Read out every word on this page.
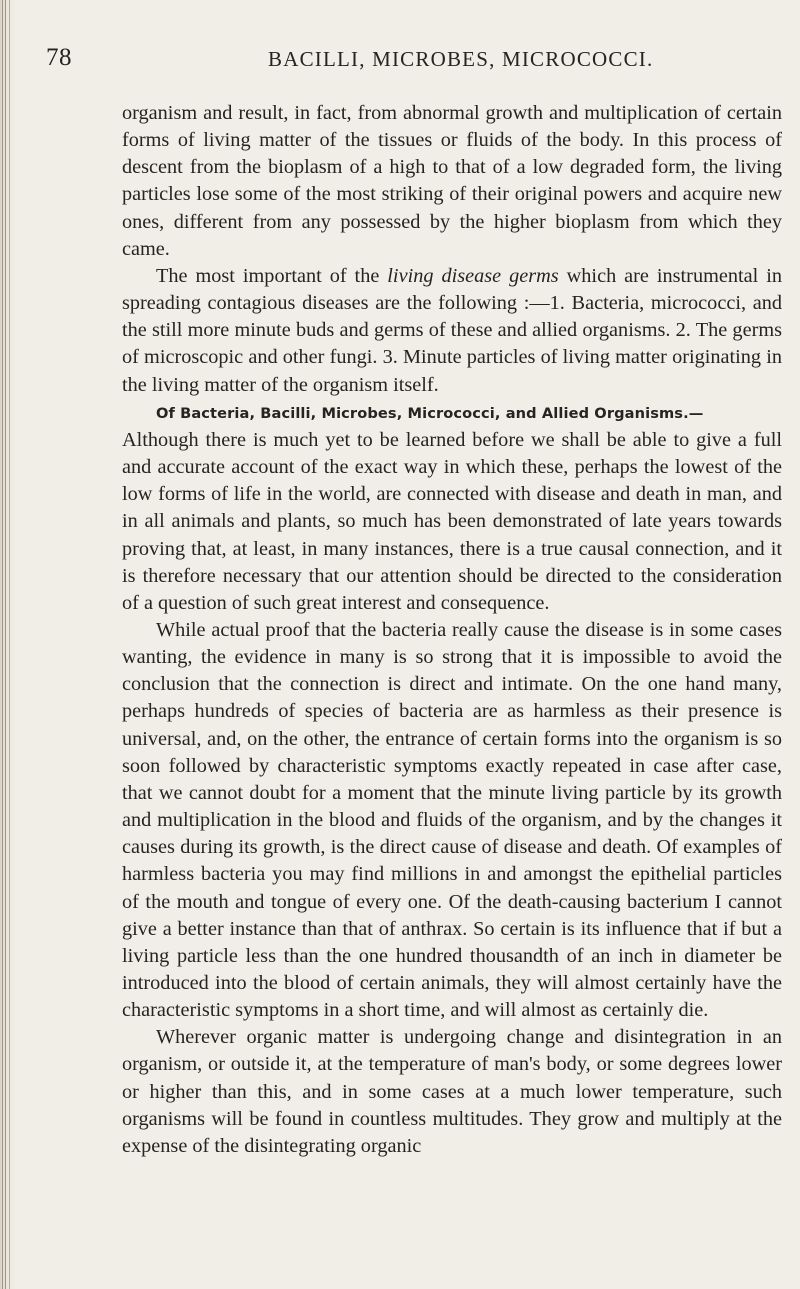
78	BACILLI, MICROBES, MICROCOCCI.

organism and result, in fact, from abnormal growth and multiplication of certain forms of living matter of the tissues or fluids of the body. In this process of descent from the bioplasm of a high to that of a low degraded form, the living particles lose some of the most striking of their original powers and acquire new ones, different from any possessed by the higher bioplasm from which they came.

The most important of the living disease germs which are instrumental in spreading contagious diseases are the following :—1. Bacteria, micrococci, and the still more minute buds and germs of these and allied organisms. 2. The germs of microscopic and other fungi. 3. Minute particles of living matter originating in the living matter of the organism itself.

Of Bacteria, Bacilli, Microbes, Micrococci, and Allied Organisms.—

Although there is much yet to be learned before we shall be able to give a full and accurate account of the exact way in which these, perhaps the lowest of the low forms of life in the world, are connected with disease and death in man, and in all animals and plants, so much has been demonstrated of late years towards proving that, at least, in many instances, there is a true causal connection, and it is therefore necessary that our attention should be directed to the consideration of a question of such great interest and consequence.

While actual proof that the bacteria really cause the disease is in some cases wanting, the evidence in many is so strong that it is impossible to avoid the conclusion that the connection is direct and intimate. On the one hand many, perhaps hundreds of species of bacteria are as harmless as their presence is universal, and, on the other, the entrance of certain forms into the organism is so soon followed by characteristic symptoms exactly repeated in case after case, that we cannot doubt for a moment that the minute living particle by its growth and multiplication in the blood and fluids of the organism, and by the changes it causes during its growth, is the direct cause of disease and death. Of examples of harmless bacteria you may find millions in and amongst the epithelial particles of the mouth and tongue of every one. Of the death-causing bacterium I cannot give a better instance than that of anthrax. So certain is its influence that if but a living particle less than the one hundred thousandth of an inch in diameter be introduced into the blood of certain animals, they will almost certainly have the characteristic symptoms in a short time, and will almost as certainly die.

Wherever organic matter is undergoing change and disintegration in an organism, or outside it, at the temperature of man's body, or some degrees lower or higher than this, and in some cases at a much lower temperature, such organisms will be found in countless multitudes. They grow and multiply at the expense of the disintegrating organic
